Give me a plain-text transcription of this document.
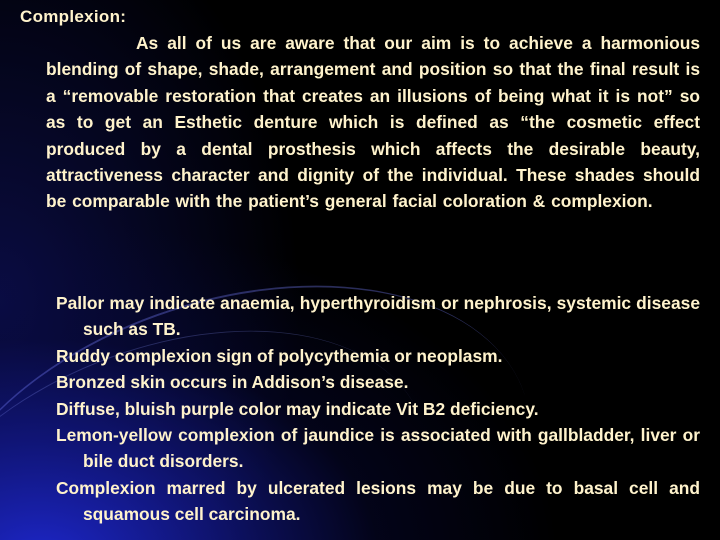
Complexion:
As all of us are aware that our aim is to achieve a harmonious blending of shape, shade, arrangement and position so that the final result is a “removable restoration that creates an illusions of being what it is not” so as to get an Esthetic denture which is defined as “the cosmetic effect produced by a dental prosthesis which affects the desirable beauty, attractiveness character and dignity of the individual. These shades should be comparable with the patient’s general facial coloration & complexion.
Pallor may indicate anaemia, hyperthyroidism or nephrosis, systemic disease such as TB.
Ruddy complexion sign of polycythemia or neoplasm.
Bronzed skin occurs in Addison’s disease.
Diffuse, bluish purple color may indicate Vit B2 deficiency.
Lemon-yellow complexion of jaundice is associated with gallbladder, liver or bile duct disorders.
Complexion marred by ulcerated lesions may be due to basal cell and squamous cell carcinoma.
